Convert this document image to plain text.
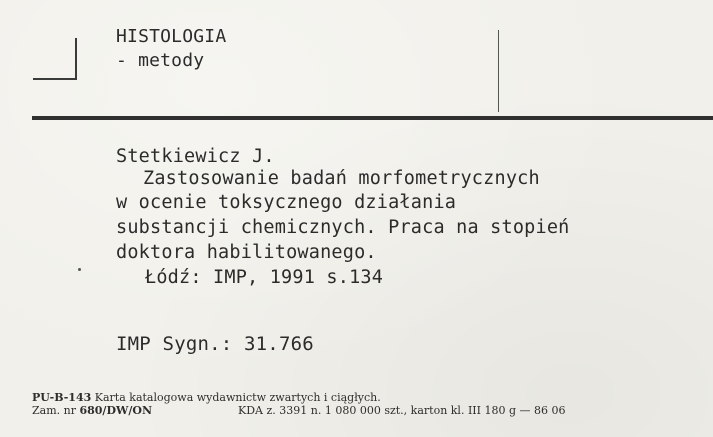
HISTOLOGIA

- metody

Stetkiewicz J.

Zastosowanie badań morfometrycznych

w ocenie toksycznego działania

substancji chemicznych. Praca na stopień

doktora habilitowanego.

Łódź: IMP, 1991 s.134

IMP Sygn.: 31.766

PU-B-143 Karta katalogowa wydawnictw zwartych i ciągłych.

Zam. nr 680/DW/ON	KDA z. 3391 n. 1 080 000 szt., karton kl. III 180 g — 86 06
